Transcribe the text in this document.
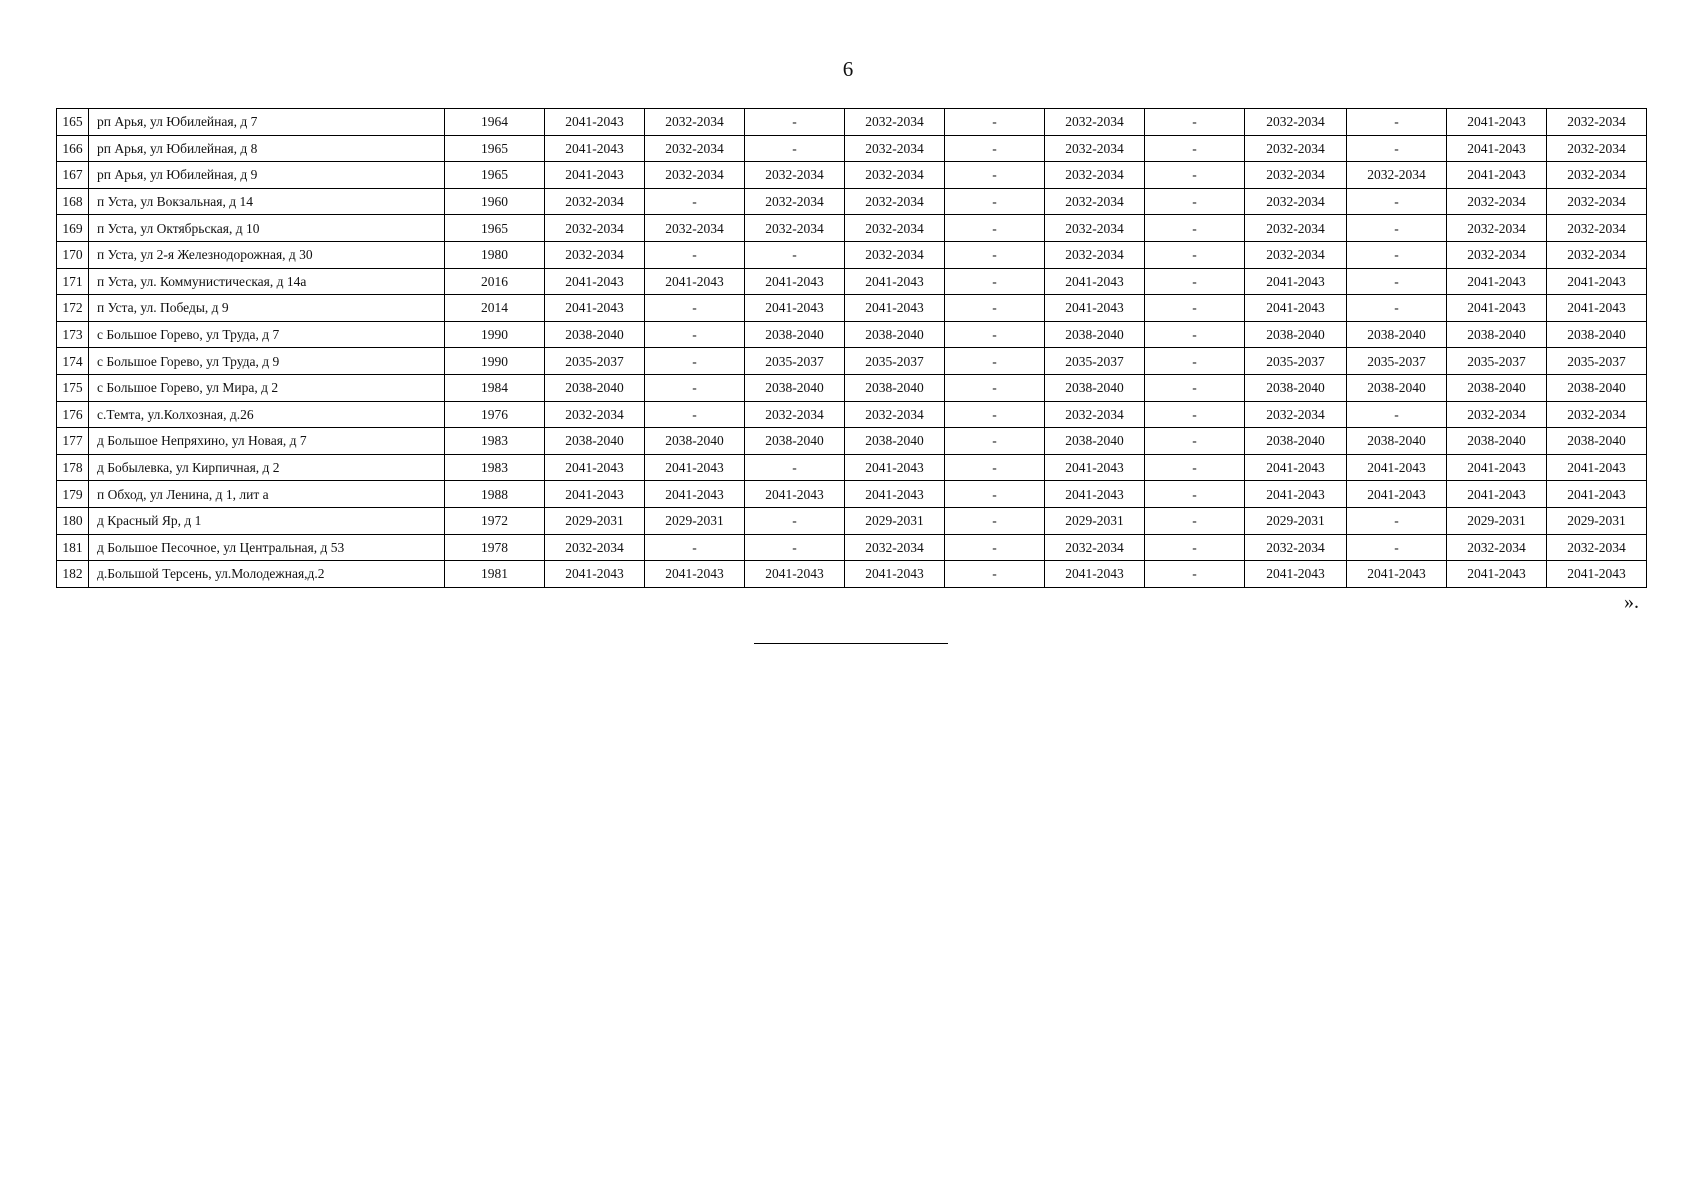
6
165	рп Арья, ул Юбилейная, д 7	1964	2041-2043	2032-2034	-	2032-2034	-	2032-2034	-	2032-2034	-	2041-2043	2032-2034
166	рп Арья, ул Юбилейная, д 8	1965	2041-2043	2032-2034	-	2032-2034	-	2032-2034	-	2032-2034	-	2041-2043	2032-2034
167	рп Арья, ул Юбилейная, д 9	1965	2041-2043	2032-2034	2032-2034	2032-2034	-	2032-2034	-	2032-2034	2032-2034	2041-2043	2032-2034
168	п Уста, ул Вокзальная, д 14	1960	2032-2034	-	2032-2034	2032-2034	-	2032-2034	-	2032-2034	-	2032-2034	2032-2034
169	п Уста, ул Октябрьская, д 10	1965	2032-2034	2032-2034	2032-2034	2032-2034	-	2032-2034	-	2032-2034	-	2032-2034	2032-2034
170	п Уста, ул 2-я Железнодорожная, д 30	1980	2032-2034	-	-	2032-2034	-	2032-2034	-	2032-2034	-	2032-2034	2032-2034
171	п Уста, ул. Коммунистическая, д 14а	2016	2041-2043	2041-2043	2041-2043	2041-2043	-	2041-2043	-	2041-2043	-	2041-2043	2041-2043
172	п Уста, ул. Победы, д 9	2014	2041-2043	-	2041-2043	2041-2043	-	2041-2043	-	2041-2043	-	2041-2043	2041-2043
173	с Большое Горево, ул Труда, д 7	1990	2038-2040	-	2038-2040	2038-2040	-	2038-2040	-	2038-2040	2038-2040	2038-2040	2038-2040
174	с Большое Горево, ул Труда, д 9	1990	2035-2037	-	2035-2037	2035-2037	-	2035-2037	-	2035-2037	2035-2037	2035-2037	2035-2037
175	с Большое Горево, ул Мира, д 2	1984	2038-2040	-	2038-2040	2038-2040	-	2038-2040	-	2038-2040	2038-2040	2038-2040	2038-2040
176	с.Темта, ул.Колхозная, д.26	1976	2032-2034	-	2032-2034	2032-2034	-	2032-2034	-	2032-2034	-	2032-2034	2032-2034
177	д Большое Непряхино, ул Новая, д 7	1983	2038-2040	2038-2040	2038-2040	2038-2040	-	2038-2040	-	2038-2040	2038-2040	2038-2040	2038-2040
178	д Бобылевка, ул Кирпичная, д 2	1983	2041-2043	2041-2043	-	2041-2043	-	2041-2043	-	2041-2043	2041-2043	2041-2043	2041-2043
179	п Обход, ул Ленина, д 1, лит а	1988	2041-2043	2041-2043	2041-2043	2041-2043	-	2041-2043	-	2041-2043	2041-2043	2041-2043	2041-2043
180	д Красный Яр, д 1	1972	2029-2031	2029-2031	-	2029-2031	-	2029-2031	-	2029-2031	-	2029-2031	2029-2031
181	д Большое Песочное, ул Центральная, д 53	1978	2032-2034	-	-	2032-2034	-	2032-2034	-	2032-2034	-	2032-2034	2032-2034
182	д.Большой Терсень, ул.Молодежная,д.2	1981	2041-2043	2041-2043	2041-2043	2041-2043	-	2041-2043	-	2041-2043	2041-2043	2041-2043	2041-2043
».
